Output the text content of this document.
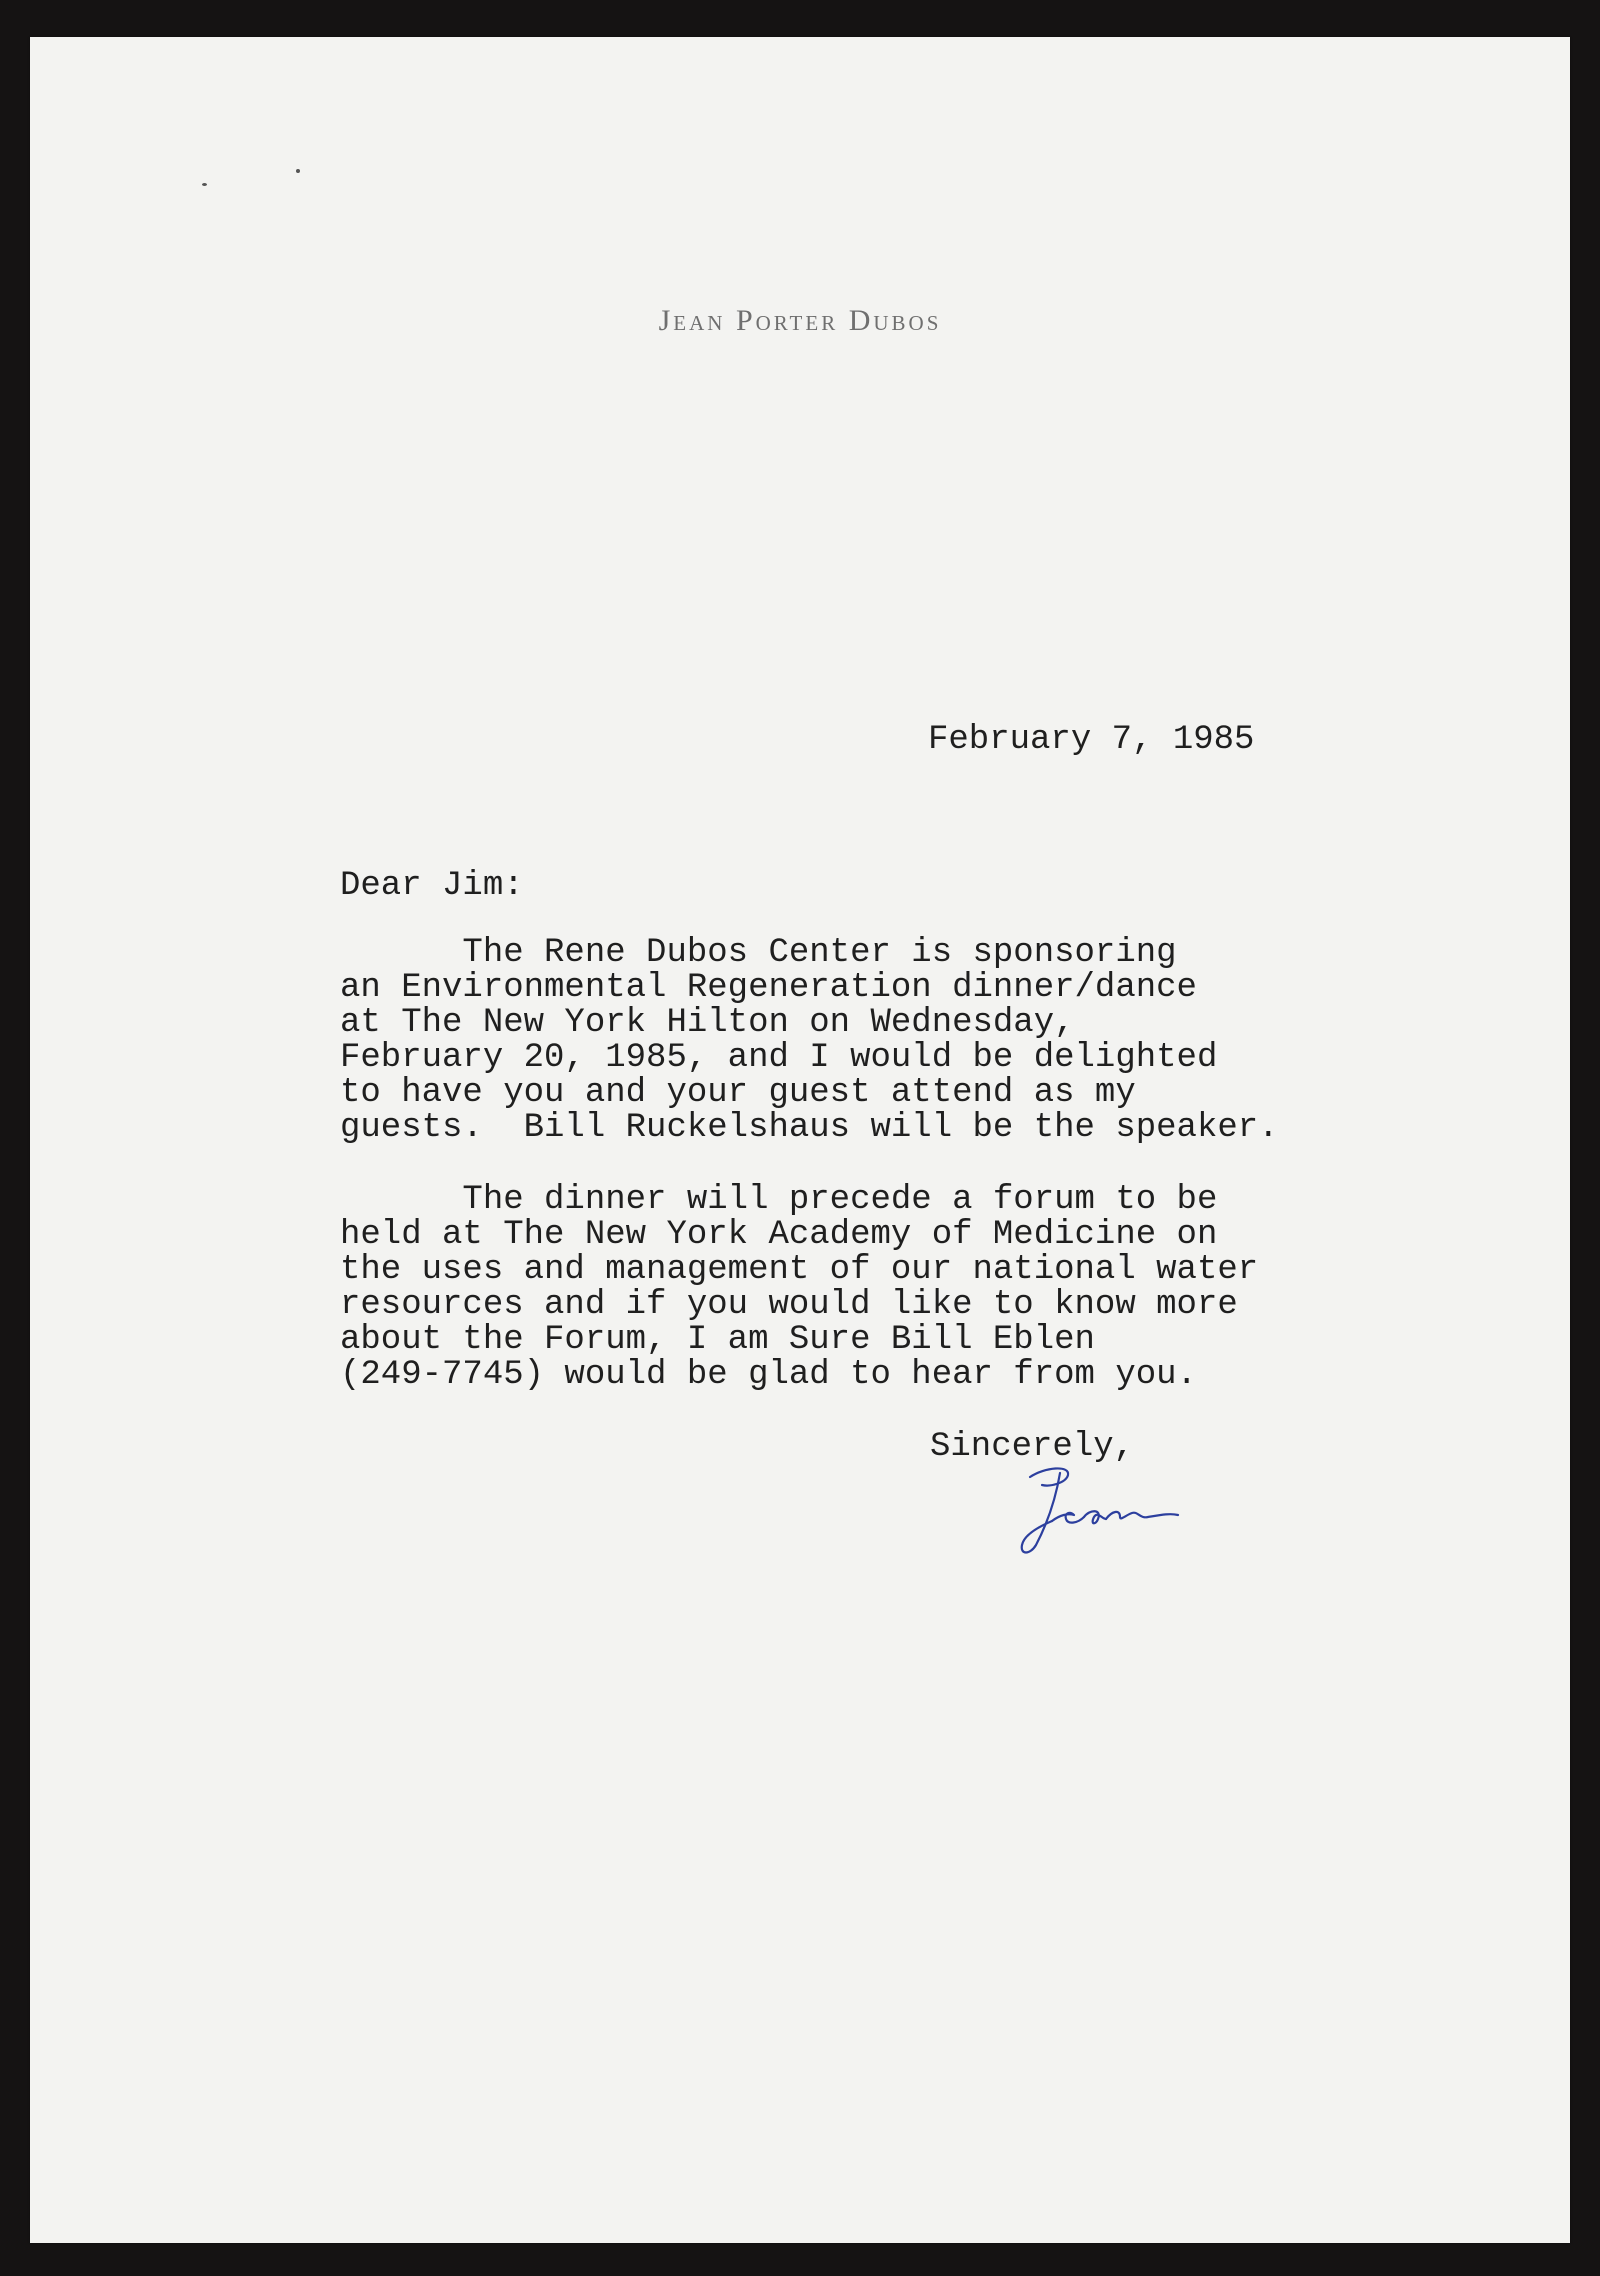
Jean Porter Dubos
February 7, 1985
Dear Jim:

The Rene Dubos Center is sponsoring
an Environmental Regeneration dinner/dance
at The New York Hilton on Wednesday,
February 20, 1985, and I would be delighted
to have you and your guest attend as my
guests.  Bill Ruckelshaus will be the speaker.

The dinner will precede a forum to be
held at The New York Academy of Medicine on
the uses and management of our national water
resources and if you would like to know more
about the Forum, I am Sure Bill Eblen
(249-7745) would be glad to hear from you.

Sincerely,
